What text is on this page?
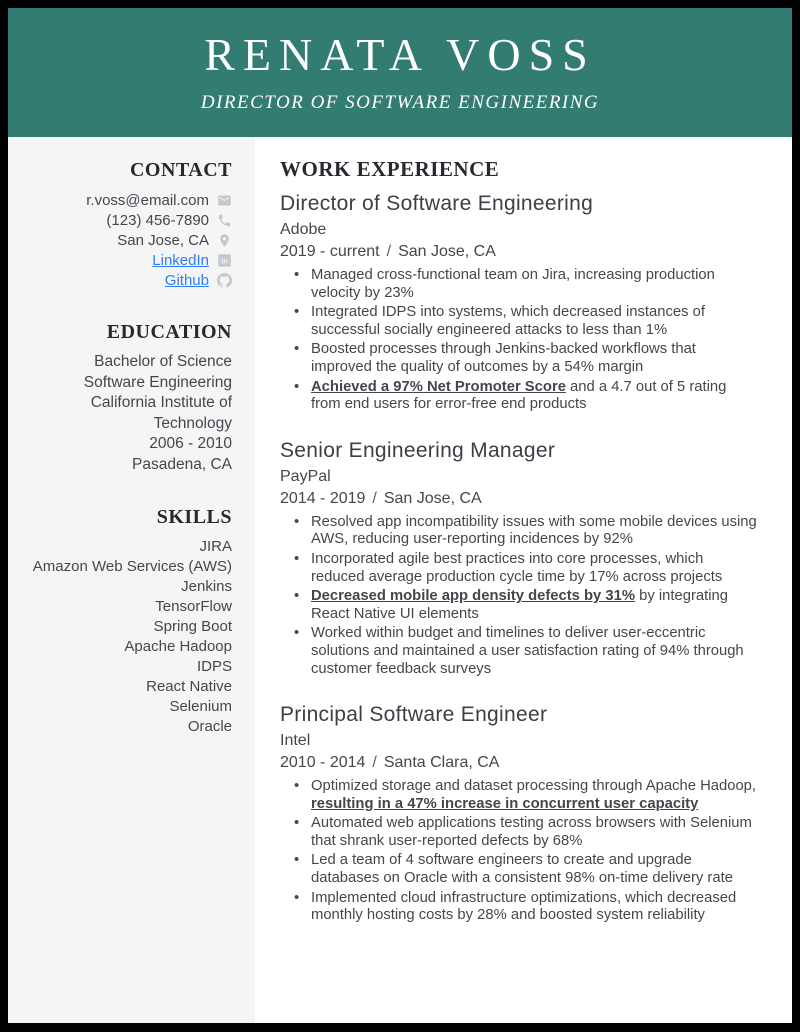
RENATA VOSS
DIRECTOR OF SOFTWARE ENGINEERING
CONTACT
r.voss@email.com
(123) 456-7890
San Jose, CA
LinkedIn in
Github
EDUCATION
Bachelor of Science
Software Engineering
California Institute of Technology
2006 - 2010
Pasadena, CA
SKILLS
JIRA
Amazon Web Services (AWS)
Jenkins
TensorFlow
Spring Boot
Apache Hadoop
IDPS
React Native
Selenium
Oracle
WORK EXPERIENCE
Director of Software Engineering
Adobe
2019 - current / San Jose, CA
• Managed cross-functional team on Jira, increasing production velocity by 23%
• Integrated IDPS into systems, which decreased instances of successful socially engineered attacks to less than 1%
• Boosted processes through Jenkins-backed workflows that improved the quality of outcomes by a 54% margin
• Achieved a 97% Net Promoter Score and a 4.7 out of 5 rating from end users for error-free end products
Senior Engineering Manager
PayPal
2014 - 2019 / San Jose, CA
• Resolved app incompatibility issues with some mobile devices using AWS, reducing user-reporting incidences by 92%
• Incorporated agile best practices into core processes, which reduced average production cycle time by 17% across projects
• Decreased mobile app density defects by 31% by integrating React Native UI elements
• Worked within budget and timelines to deliver user-eccentric solutions and maintained a user satisfaction rating of 94% through customer feedback surveys
Principal Software Engineer
Intel
2010 - 2014 / Santa Clara, CA
• Optimized storage and dataset processing through Apache Hadoop, resulting in a 47% increase in concurrent user capacity
• Automated web applications testing across browsers with Selenium that shrank user-reported defects by 68%
• Led a team of 4 software engineers to create and upgrade databases on Oracle with a consistent 98% on-time delivery rate
• Implemented cloud infrastructure optimizations, which decreased monthly hosting costs by 28% and boosted system reliability
